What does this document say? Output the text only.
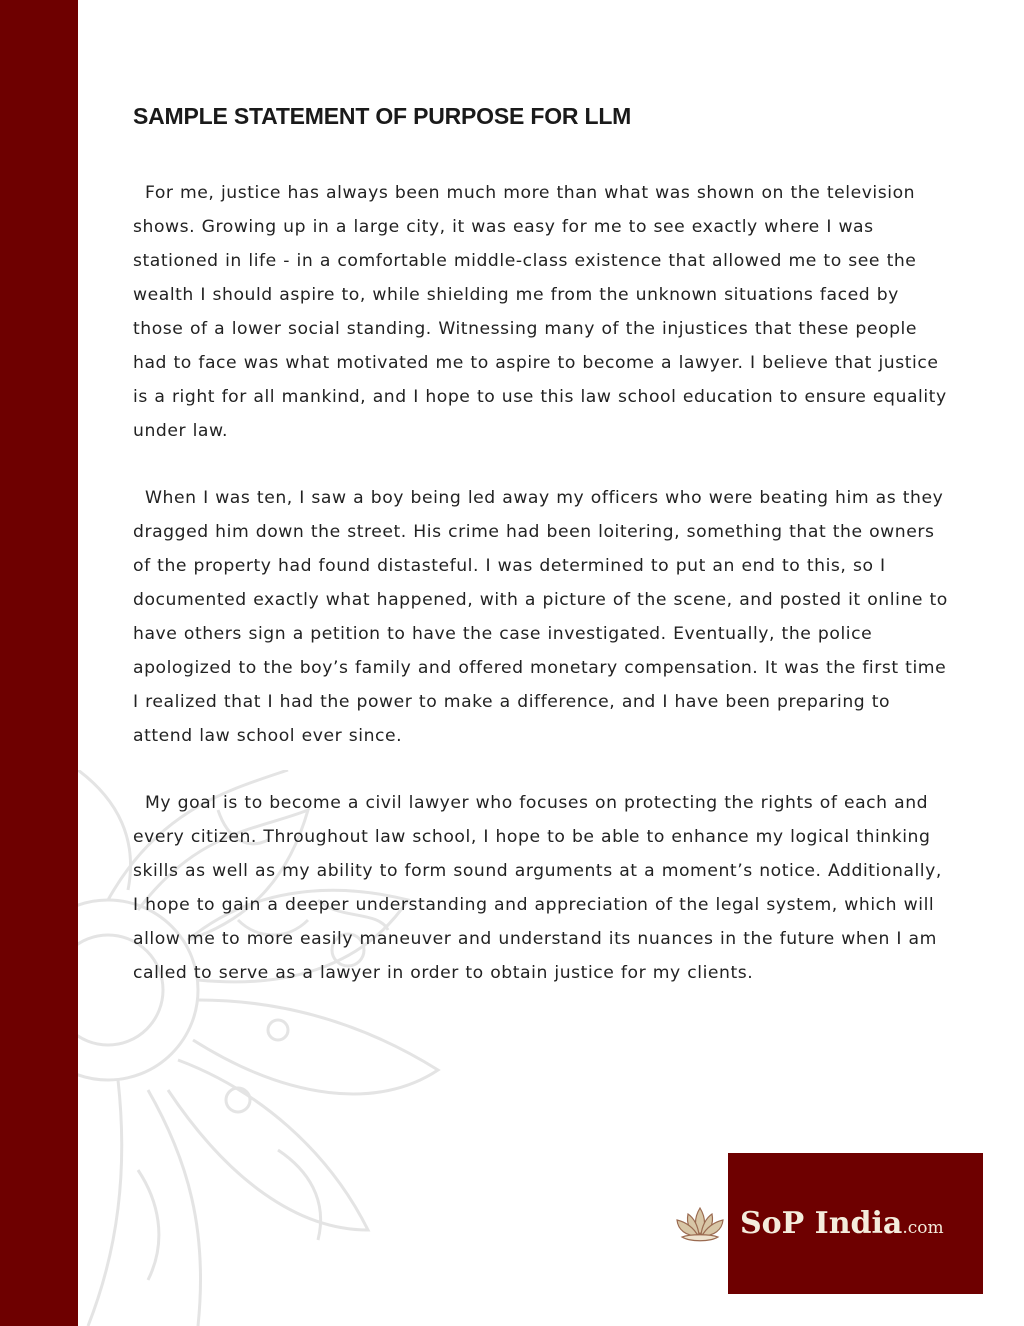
SAMPLE STATEMENT OF PURPOSE FOR LLM

For me, justice has always been much more than what was shown on the television shows. Growing up in a large city, it was easy for me to see exactly where I was stationed in life - in a comfortable middle-class existence that allowed me to see the wealth I should aspire to, while shielding me from the unknown situations faced by those of a lower social standing. Witnessing many of the injustices that these people had to face was what motivated me to aspire to become a lawyer. I believe that justice is a right for all mankind, and I hope to use this law school education to ensure equality under law.

When I was ten, I saw a boy being led away my officers who were beating him as they dragged him down the street. His crime had been loitering, something that the owners of the property had found distasteful. I was determined to put an end to this, so I documented exactly what happened, with a picture of the scene, and posted it online to have others sign a petition to have the case investigated. Eventually, the police apologized to the boy’s family and offered monetary compensation. It was the first time I realized that I had the power to make a difference, and I have been preparing to attend law school ever since.

My goal is to become a civil lawyer who focuses on protecting the rights of each and every citizen. Throughout law school, I hope to be able to enhance my logical thinking skills as well as my ability to form sound arguments at a moment’s notice. Additionally, I hope to gain a deeper understanding and appreciation of the legal system, which will allow me to more easily maneuver and understand its nuances in the future when I am called to serve as a lawyer in order to obtain justice for my clients.

SoP India.com
